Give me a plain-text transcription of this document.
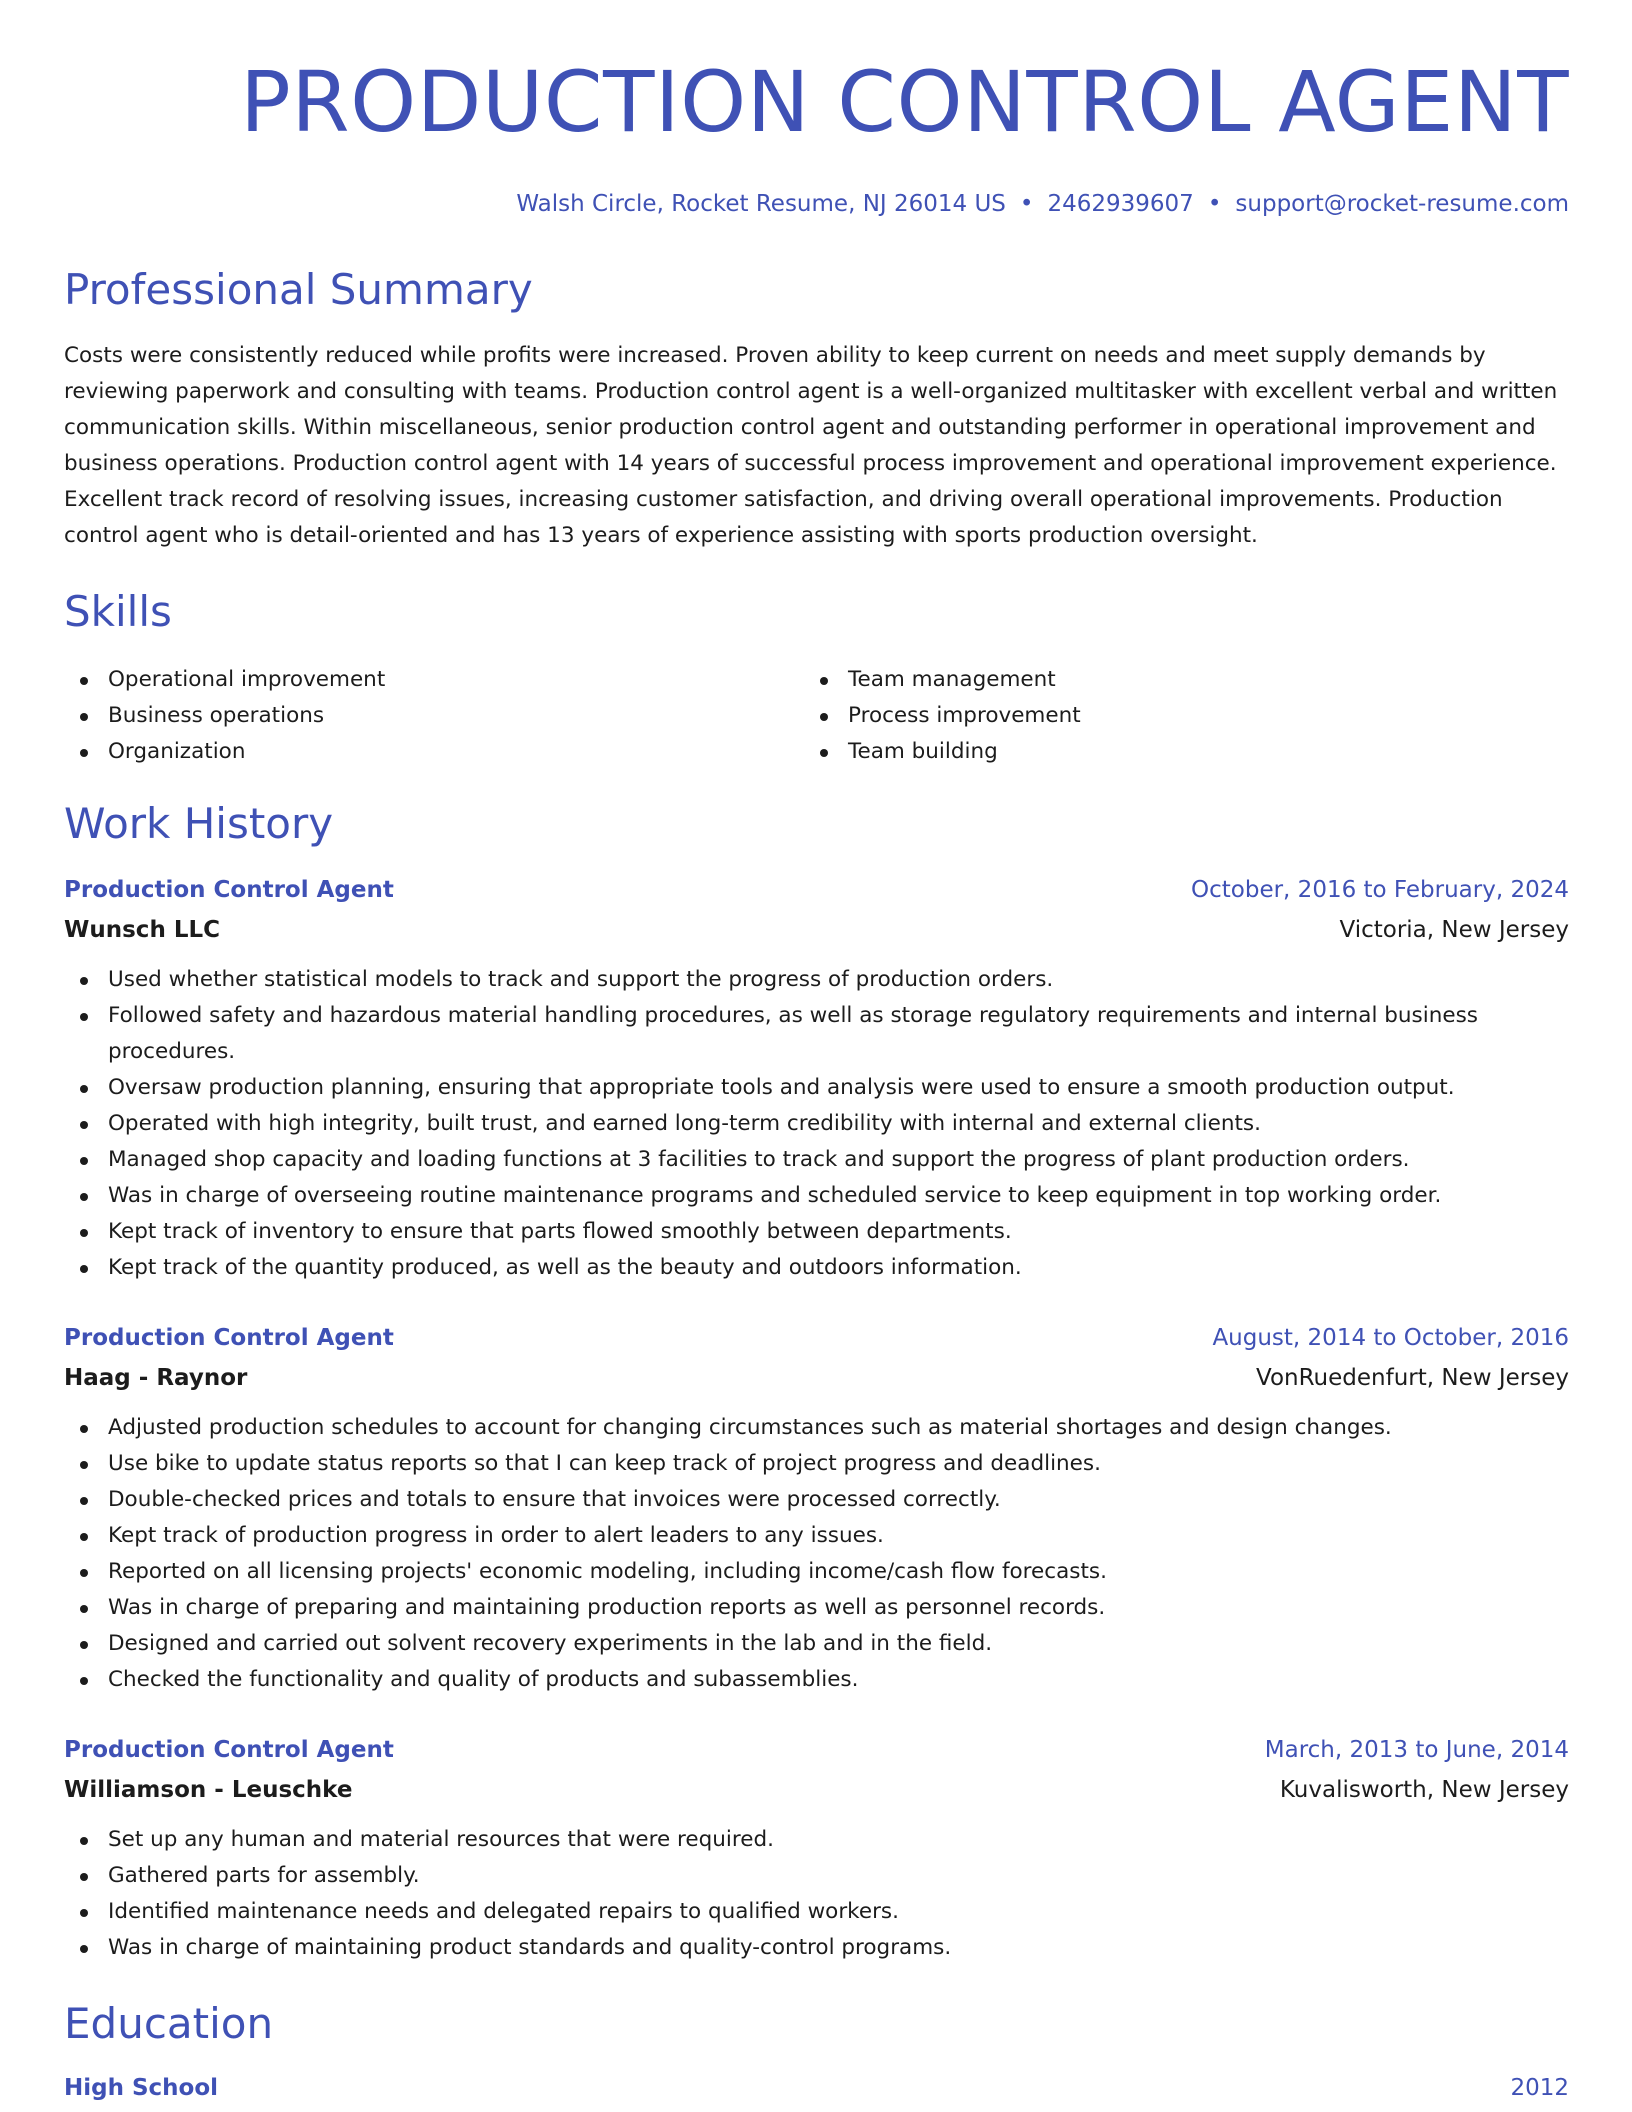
PRODUCTION CONTROL AGENT
Walsh Circle, Rocket Resume, NJ 26014 US • 2462939607 • support@rocket-resume.com
Professional Summary

Costs were consistently reduced while profits were increased. Proven ability to keep current on needs and meet supply demands by reviewing paperwork and consulting with teams. Production control agent is a well-organized multitasker with excellent verbal and written communication skills. Within miscellaneous, senior production control agent and outstanding performer in operational improvement and business operations. Production control agent with 14 years of successful process improvement and operational improvement experience. Excellent track record of resolving issues, increasing customer satisfaction, and driving overall operational improvements. Production control agent who is detail-oriented and has 13 years of experience assisting with sports production oversight.

Skills
Operational improvement
Business operations
Organization
Team management
Process improvement
Team building
Work History
Production Control Agent	October, 2016 to February, 2024
Wunsch LLC	Victoria, New Jersey
Used whether statistical models to track and support the progress of production orders.
Followed safety and hazardous material handling procedures, as well as storage regulatory requirements and internal business procedures.
Oversaw production planning, ensuring that appropriate tools and analysis were used to ensure a smooth production output.
Operated with high integrity, built trust, and earned long-term credibility with internal and external clients.
Managed shop capacity and loading functions at 3 facilities to track and support the progress of plant production orders.
Was in charge of overseeing routine maintenance programs and scheduled service to keep equipment in top working order.
Kept track of inventory to ensure that parts flowed smoothly between departments.
Kept track of the quantity produced, as well as the beauty and outdoors information.
Production Control Agent	August, 2014 to October, 2016
Haag - Raynor	VonRuedenfurt, New Jersey
Adjusted production schedules to account for changing circumstances such as material shortages and design changes.
Use bike to update status reports so that I can keep track of project progress and deadlines.
Double-checked prices and totals to ensure that invoices were processed correctly.
Kept track of production progress in order to alert leaders to any issues.
Reported on all licensing projects' economic modeling, including income/cash flow forecasts.
Was in charge of preparing and maintaining production reports as well as personnel records.
Designed and carried out solvent recovery experiments in the lab and in the field.
Checked the functionality and quality of products and subassemblies.
Production Control Agent	March, 2013 to June, 2014
Williamson - Leuschke	Kuvalisworth, New Jersey
Set up any human and material resources that were required.
Gathered parts for assembly.
Identified maintenance needs and delegated repairs to qualified workers.
Was in charge of maintaining product standards and quality-control programs.
Education
High School	2012
